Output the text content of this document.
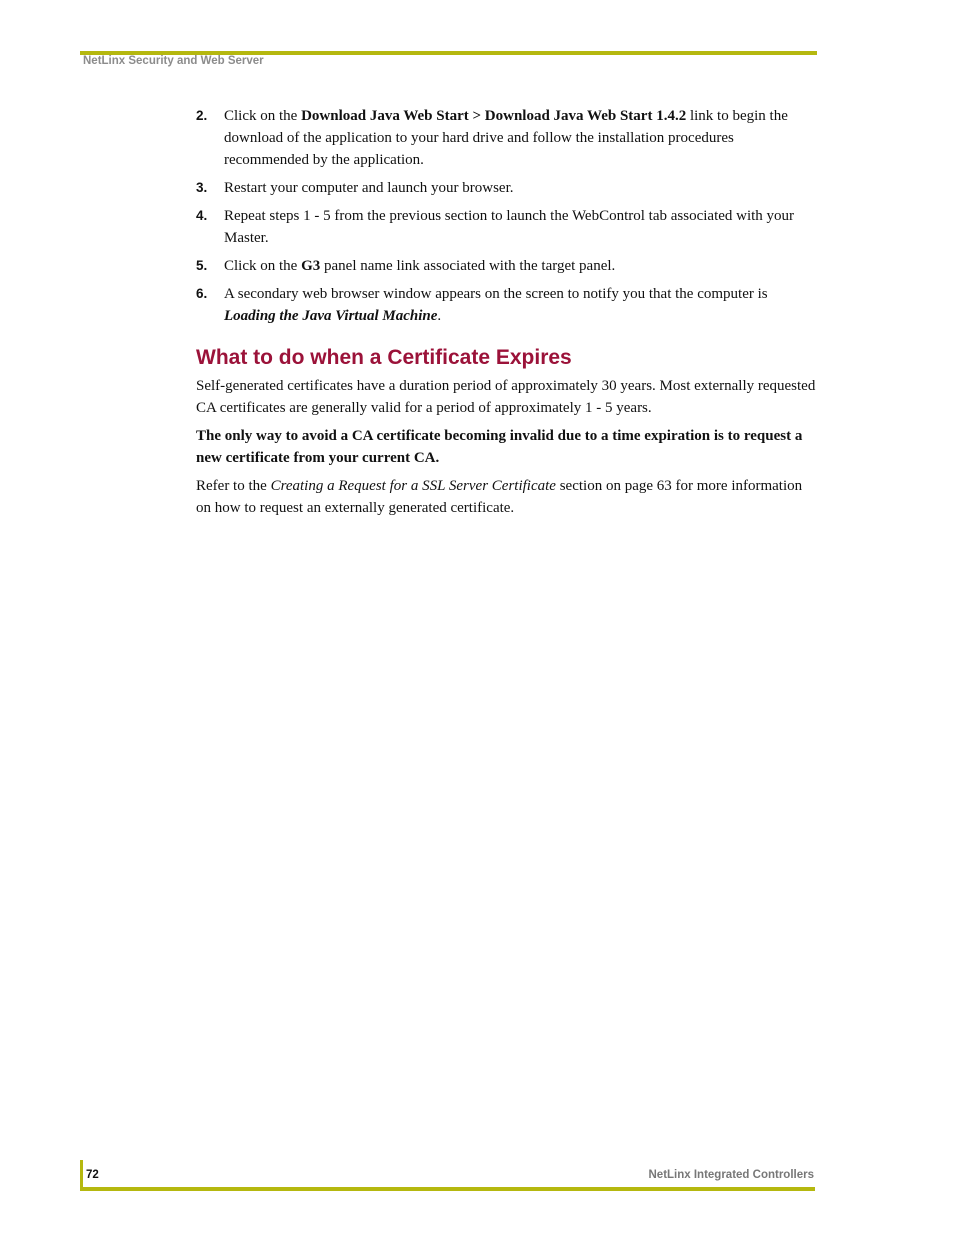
NetLinx Security and Web Server
2. Click on the Download Java Web Start > Download Java Web Start 1.4.2 link to begin the download of the application to your hard drive and follow the installation procedures recommended by the application.
3. Restart your computer and launch your browser.
4. Repeat steps 1 - 5 from the previous section to launch the WebControl tab associated with your Master.
5. Click on the G3 panel name link associated with the target panel.
6. A secondary web browser window appears on the screen to notify you that the computer is Loading the Java Virtual Machine.
What to do when a Certificate Expires

Self-generated certificates have a duration period of approximately 30 years. Most externally requested CA certificates are generally valid for a period of approximately 1 - 5 years.

The only way to avoid a CA certificate becoming invalid due to a time expiration is to request a new certificate from your current CA.

Refer to the Creating a Request for a SSL Server Certificate section on page 63 for more information on how to request an externally generated certificate.

72	NetLinx Integrated Controllers
